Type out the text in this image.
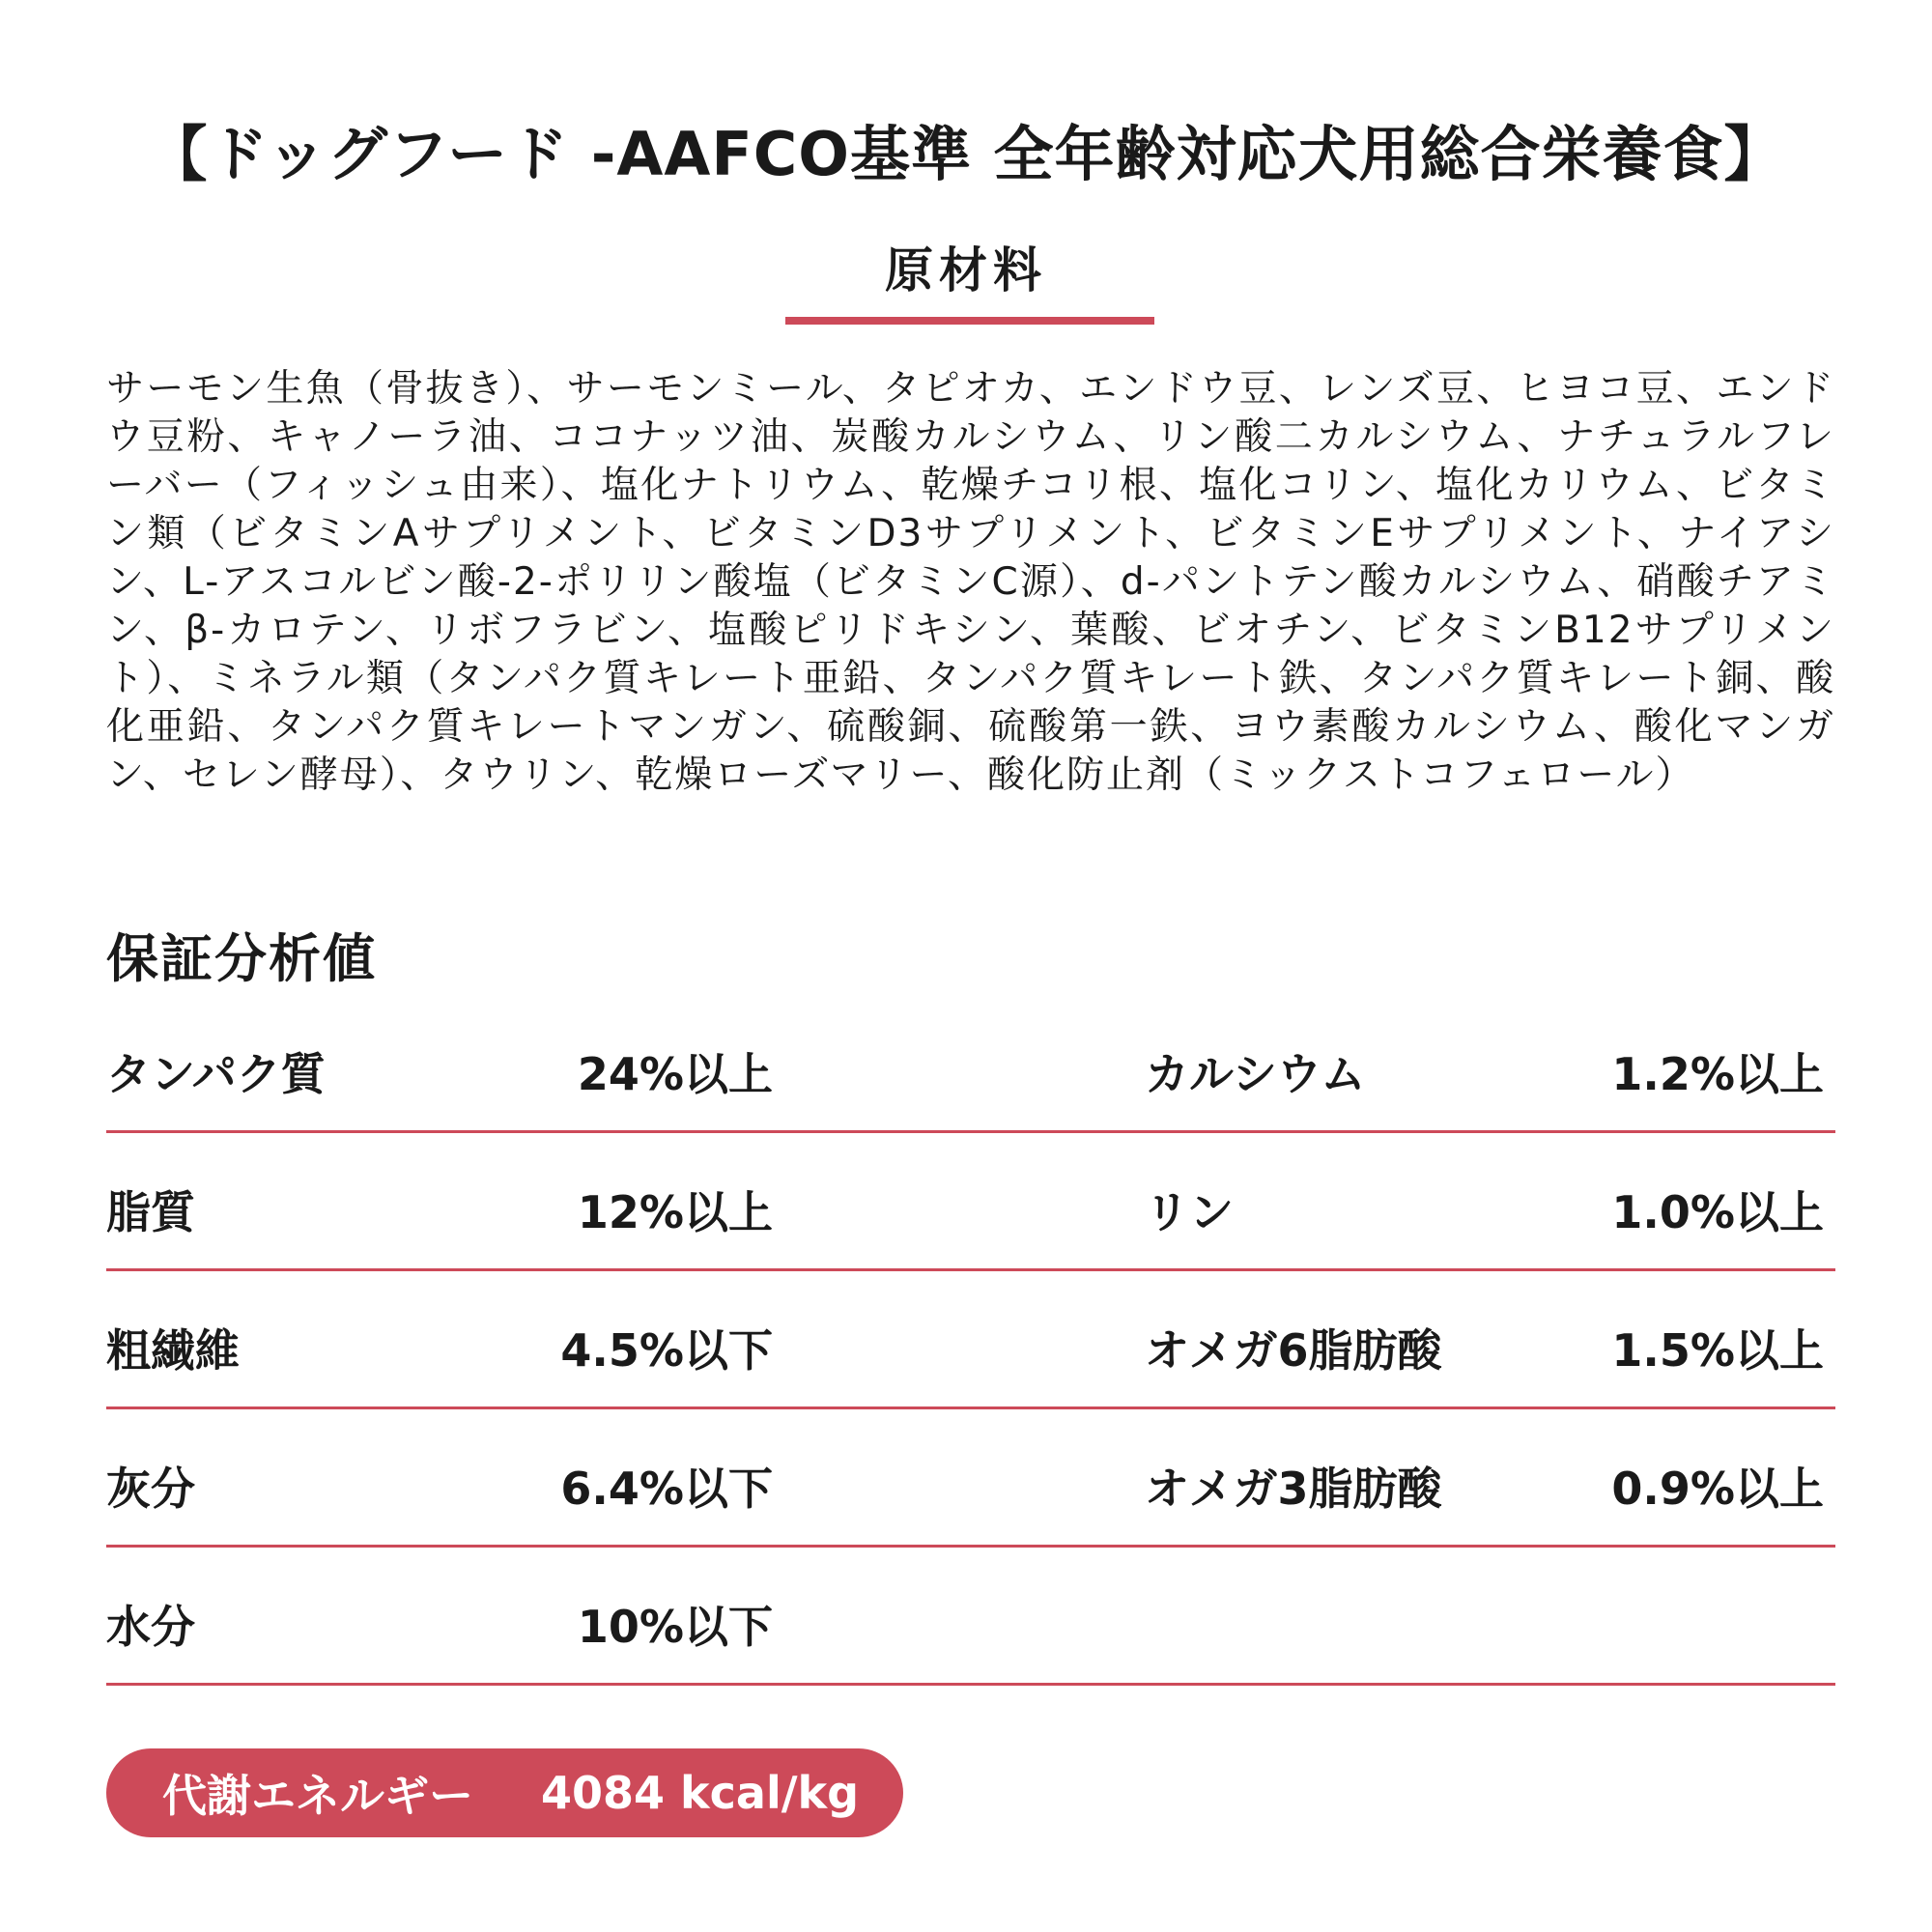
【ドッグフード -AAFCO基準 全年齢対応犬用総合栄養食】
原材料

サーモン生魚（骨抜き）、サーモンミール、タピオカ、エンドウ豆、レンズ豆、ヒヨコ豆、エンドウ豆粉、キャノーラ油、ココナッツ油、炭酸カルシウム、リン酸二カルシウム、ナチュラルフレーバー（フィッシュ由来）、塩化ナトリウム、乾燥チコリ根、塩化コリン、塩化カリウム、ビタミン類（ビタミンAサプリメント、ビタミンD3サプリメント、ビタミンEサプリメント、ナイアシン、L-アスコルビン酸-2-ポリリン酸塩（ビタミンC源）、d-パントテン酸カルシウム、硝酸チアミン、β-カロテン、リボフラビン、塩酸ピリドキシン、葉酸、ビオチン、ビタミンB12サプリメント）、ミネラル類（タンパク質キレート亜鉛、タンパク質キレート鉄、タンパク質キレート銅、酸化亜鉛、タンパク質キレートマンガン、硫酸銅、硫酸第一鉄、ヨウ素酸カルシウム、酸化マンガン、セレン酵母）、タウリン、乾燥ローズマリー、酸化防止剤（ミックストコフェロール）

保証分析値
タンパク質	24%以上	カルシウム	1.2%以上
脂質	12%以上	リン	1.0%以上
粗繊維	4.5%以下	オメガ6脂肪酸	1.5%以上
灰分	6.4%以下	オメガ3脂肪酸	0.9%以上
水分	10%以下
代謝エネルギー 4084 kcal/kg
